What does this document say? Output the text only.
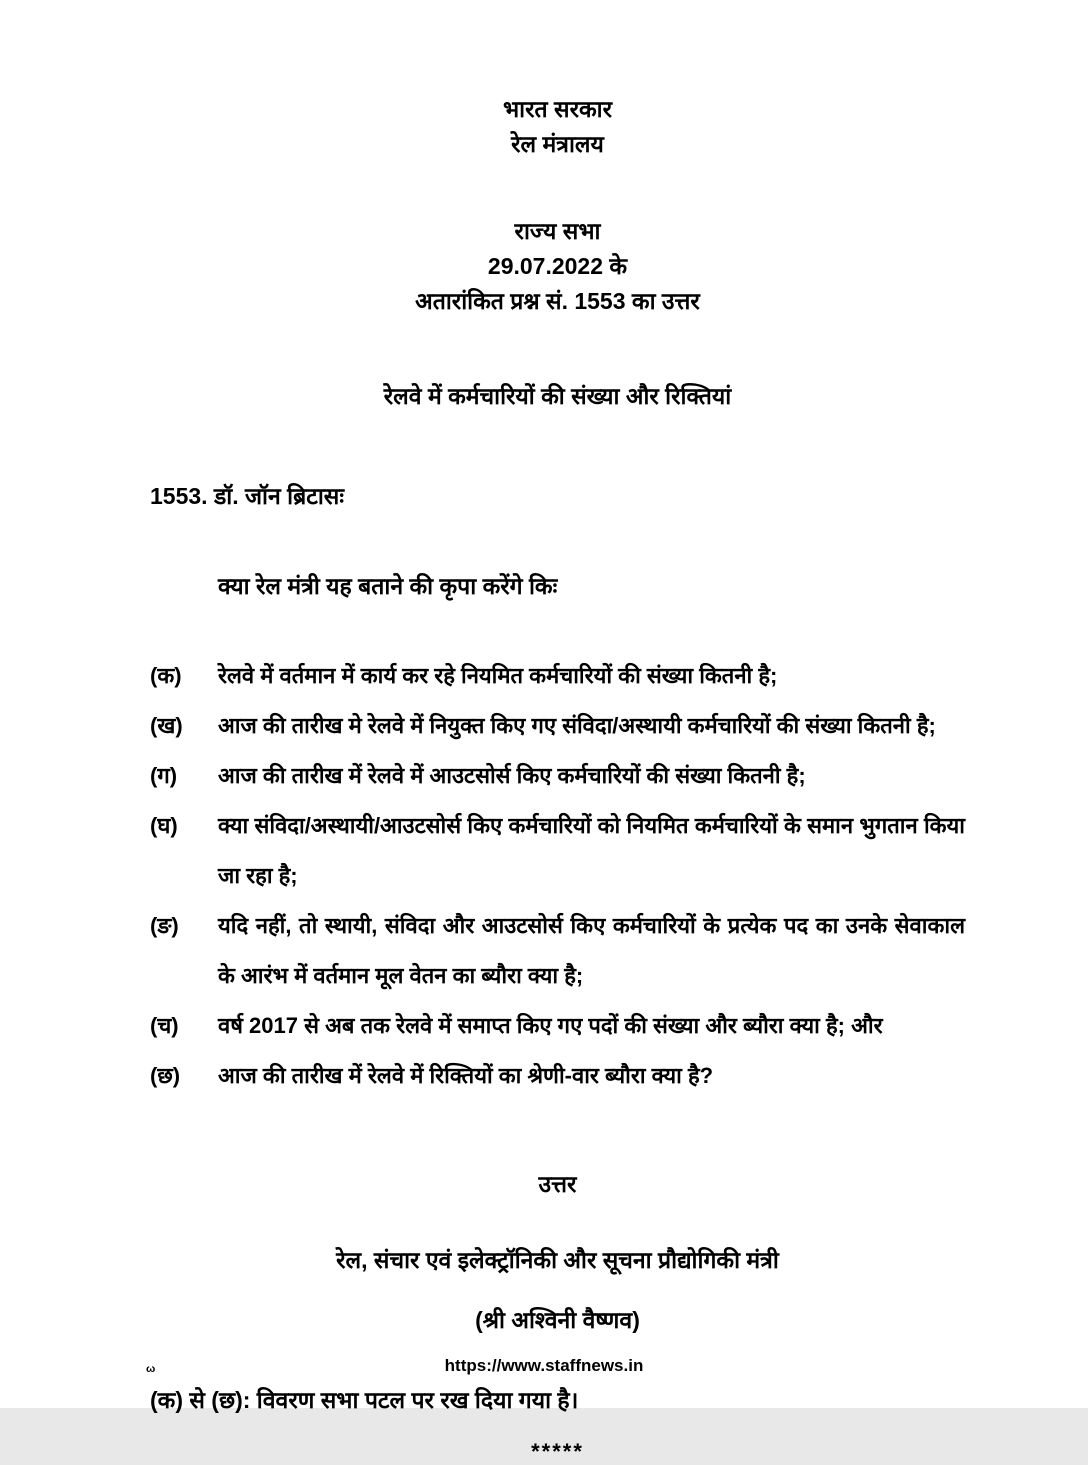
भारत सरकार
रेल मंत्रालय
राज्य सभा
29.07.2022 के
अतारांकित प्रश्न सं. 1553 का उत्तर
रेलवे में कर्मचारियों की संख्या और रिक्तियां
1553. डॉ. जॉन ब्रिटासः
क्या रेल मंत्री यह बताने की कृपा करेंगे किः
(क)	रेलवे में वर्तमान में कार्य कर रहे नियमित कर्मचारियों की संख्या कितनी है;
(ख)	आज की तारीख मे रेलवे में नियुक्त किए गए संविदा/अस्थायी कर्मचारियों की संख्या कितनी है;
(ग)	आज की तारीख में रेलवे में आउटसोर्स किए कर्मचारियों की संख्या कितनी है;
(घ)	क्या संविदा/अस्थायी/आउटसोर्स किए कर्मचारियों को नियमित कर्मचारियों के समान भुगतान किया जा रहा है;
(ङ)	यदि नहीं, तो स्थायी, संविदा और आउटसोर्स किए कर्मचारियों के प्रत्येक पद का उनके सेवाकाल के आरंभ में वर्तमान मूल वेतन का ब्यौरा क्या है;
(च)	वर्ष 2017 से अब तक रेलवे में समाप्त किए गए पदों की संख्या और ब्यौरा क्या है; और
(छ)	आज की तारीख में रेलवे में रिक्तियों का श्रेणी-वार ब्यौरा क्या है?
उत्तर
रेल, संचार एवं इलेक्ट्रॉनिकी और सूचना प्रौद्योगिकी मंत्री
(श्री अश्विनी वैष्णव)
(क) से (छ): विवरण सभा पटल पर रख दिया गया है।
*****
ω	https://www.staffnews.in
